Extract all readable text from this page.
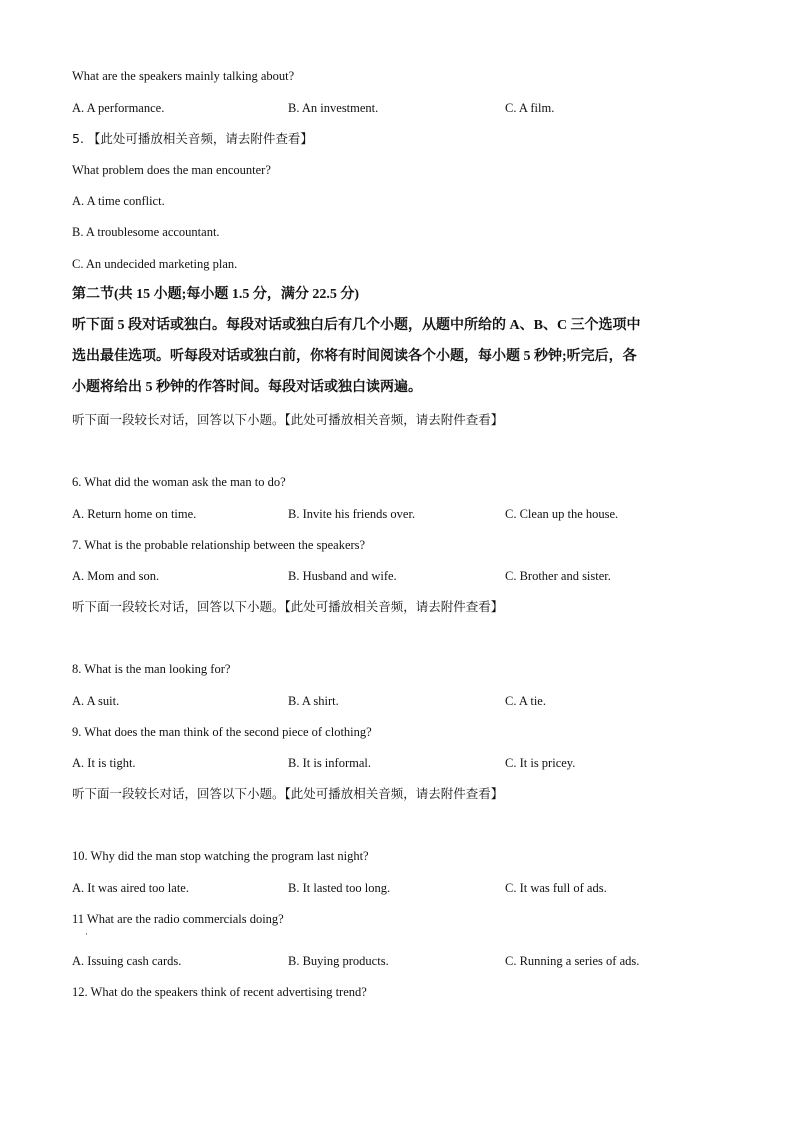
What are the speakers mainly talking about?
A. A performance.	B. An investment.	C. A film.
5. 【此处可播放相关音频，请去附件查看】
What problem does the man encounter?
A. A time conflict.
B. A troublesome accountant.
C. An undecided marketing plan.
第二节(共 15 小题;每小题 1.5 分，满分 22.5 分)
听下面 5 段对话或独白。每段对话或独白后有几个小题，从题中所给的 A、B、C 三个选项中
选出最佳选项。听每段对话或独白前，你将有时间阅读各个小题，每小题 5 秒钟;听完后，各
小题将给出 5 秒钟的作答时间。每段对话或独白读两遍。
听下面一段较长对话，回答以下小题。【此处可播放相关音频，请去附件查看】
6. What did the woman ask the man to do?
A. Return home on time.	B. Invite his friends over.	C. Clean up the house.
7. What is the probable relationship between the speakers?
A. Mom and son.	B. Husband and wife.	C. Brother and sister.
听下面一段较长对话，回答以下小题。【此处可播放相关音频，请去附件查看】
8. What is the man looking for?
A. A suit.	B. A shirt.	C. A tie.
9. What does the man think of the second piece of clothing?
A. It is tight.	B. It is informal.	C. It is pricey.
听下面一段较长对话，回答以下小题。【此处可播放相关音频，请去附件查看】
10. Why did the man stop watching the program last night?
A. It was aired too late.	B. It lasted too long.	C. It was full of ads.
11 What are the radio commercials doing?
·
A. Issuing cash cards.	B. Buying products.	C. Running a series of ads.
12. What do the speakers think of recent advertising trend?
